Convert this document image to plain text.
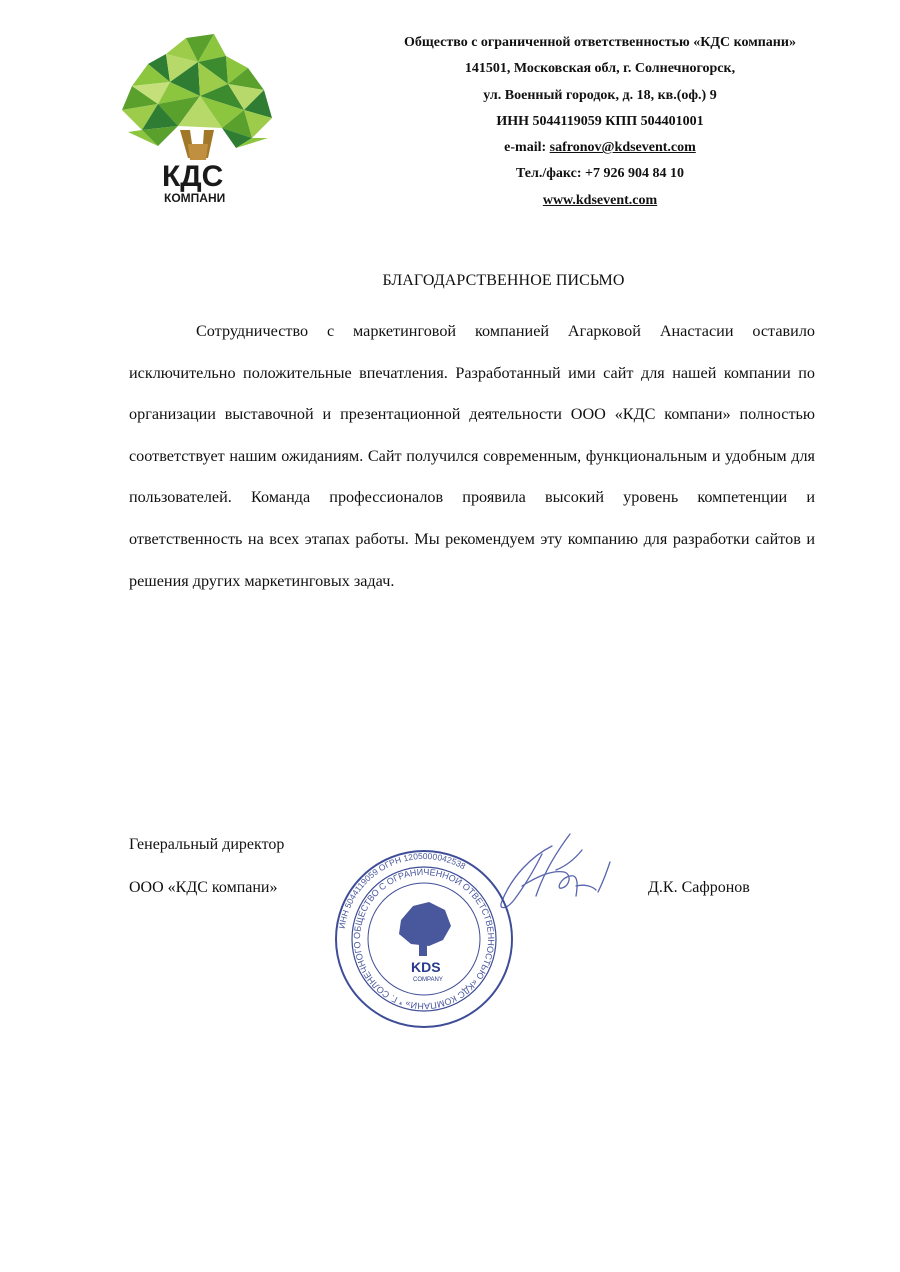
КДС
КОМПАНИ
Общество с ограниченной ответственностью «КДС компани»
141501, Московская обл, г. Солнечногорск,
ул. Военный городок, д. 18, кв.(оф.) 9
ИНН 5044119059 КПП 504401001
e-mail: safronov@kdsevent.com
Тел./факс: +7 926 904 84 10
www.kdsevent.com
БЛАГОДАРСТВЕННОЕ ПИСЬМО

Сотрудничество с маркетинговой компанией Агарковой Анастасии оставило исключительно положительные впечатления. Разработанный ими сайт для нашей компании по организации выставочной и презентационной деятельности ООО «КДС компани» полностью соответствует нашим ожиданиям. Сайт получился современным, функциональным и удобным для пользователей. Команда профессионалов проявила высокий уровень компетенции и ответственность на всех этапах работы. Мы рекомендуем эту компанию для разработки сайтов и решения других маркетинговых задач.

Генеральный директор
ООО «КДС компани»	Д.К. Сафронов
ИНН 5044119059 ОГРН 1205000042538
ОБЩЕСТВО С ОГРАНИЧЕННОЙ ОТВЕТСТВЕННОСТЬЮ «КДС КОМПАНИ» * Г. СОЛНЕЧНОГО
KDS
COMPANY
